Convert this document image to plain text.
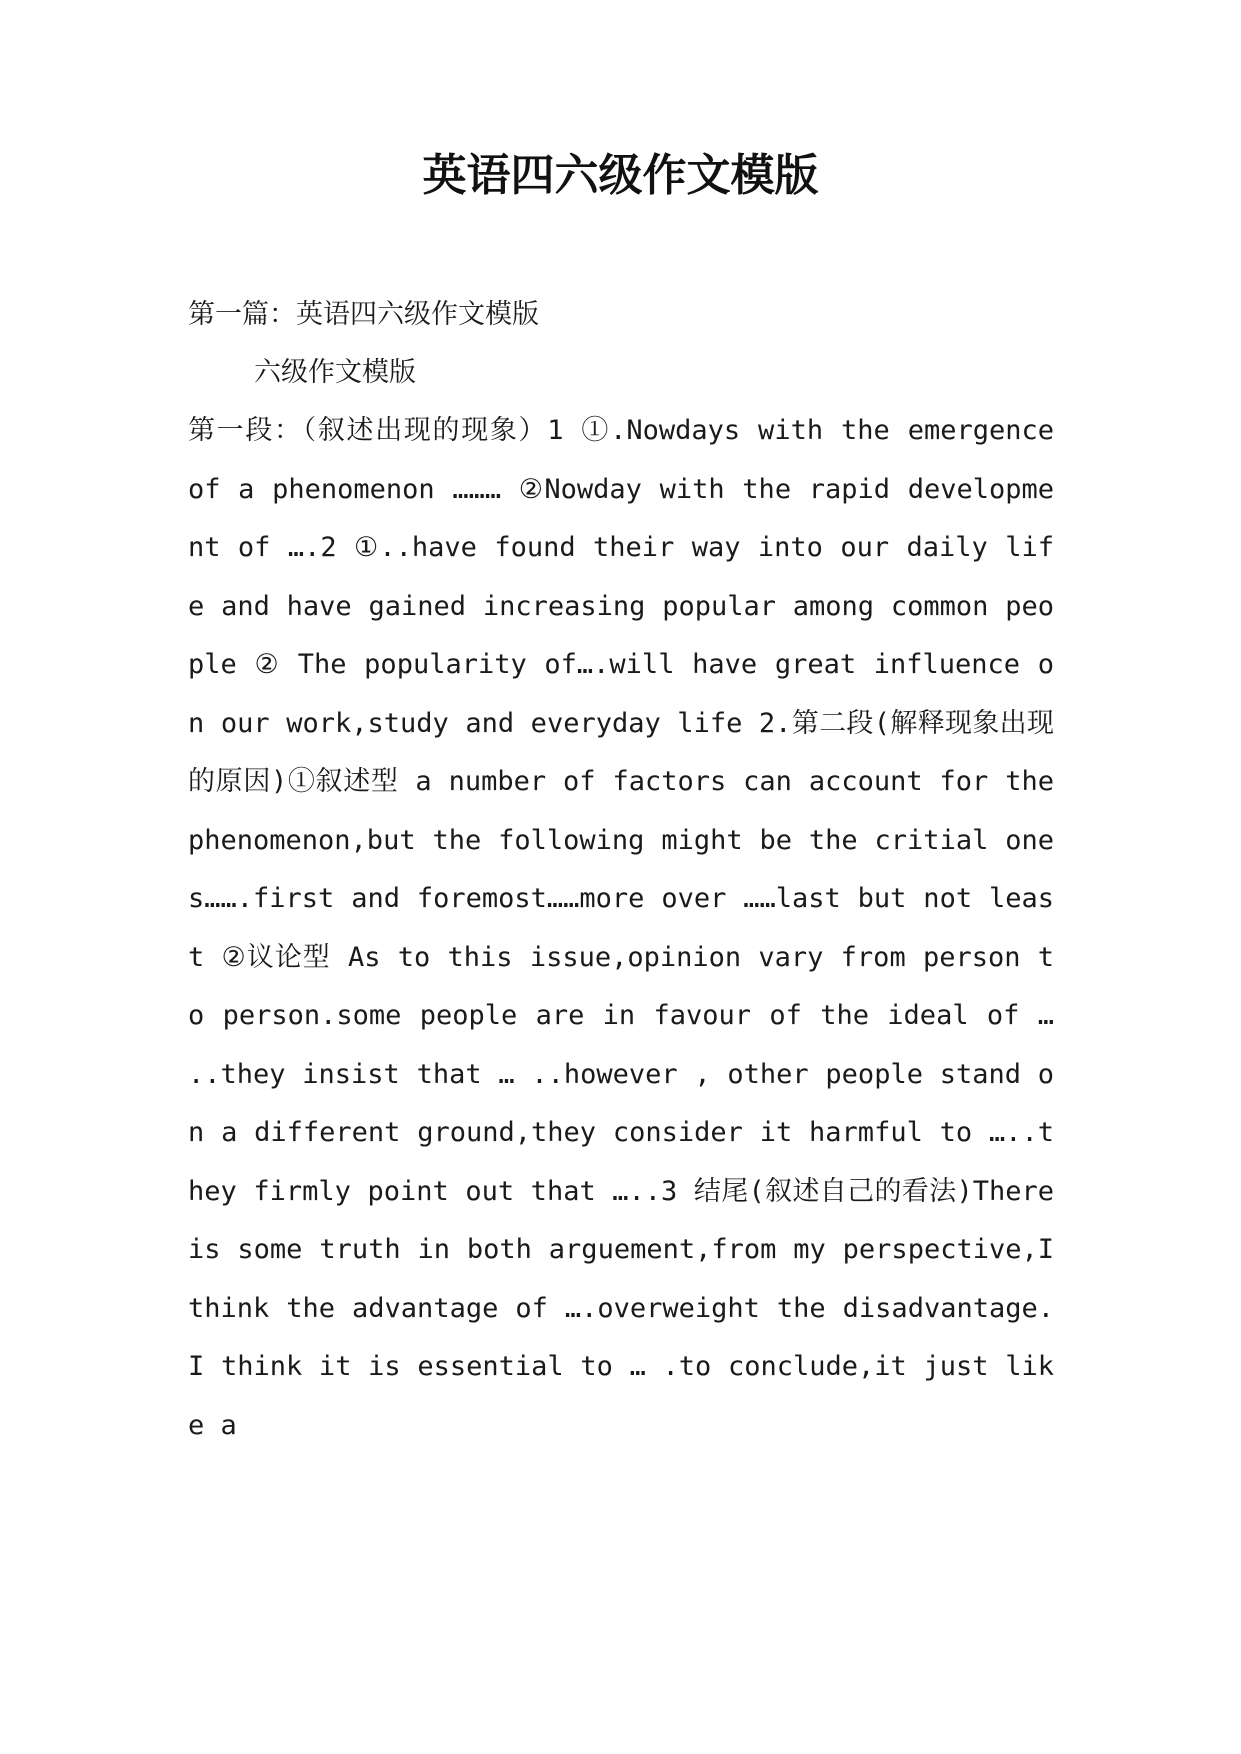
英语四六级作文模版

第一篇：英语四六级作文模版

六级作文模版

第一段：（叙述出现的现象）1 ①.Nowdays with the emergence of a phenomenon ……… ②Nowday with the rapid development of ….2 ①..have found their way into our daily life and have gained increasing popular among common people ② The popularity of….will have great influence on our work,study and everyday life 2.第二段(解释现象出现的原因)①叙述型 a number of factors can account for the phenomenon,but the following might be the critial ones…….first and foremost……more over ……last but not least ②议论型 As to this issue,opinion vary from person to person.some people are in favour of the ideal of … ..they insist that … ..however , other people stand on a different ground,they consider it harmful to …..they firmly point out that …..3 结尾(叙述自己的看法)There is some truth in both arguement,from my perspective,I think the advantage of ….overweight the disadvantage.I think it is essential to … .to conclude,it just like a
